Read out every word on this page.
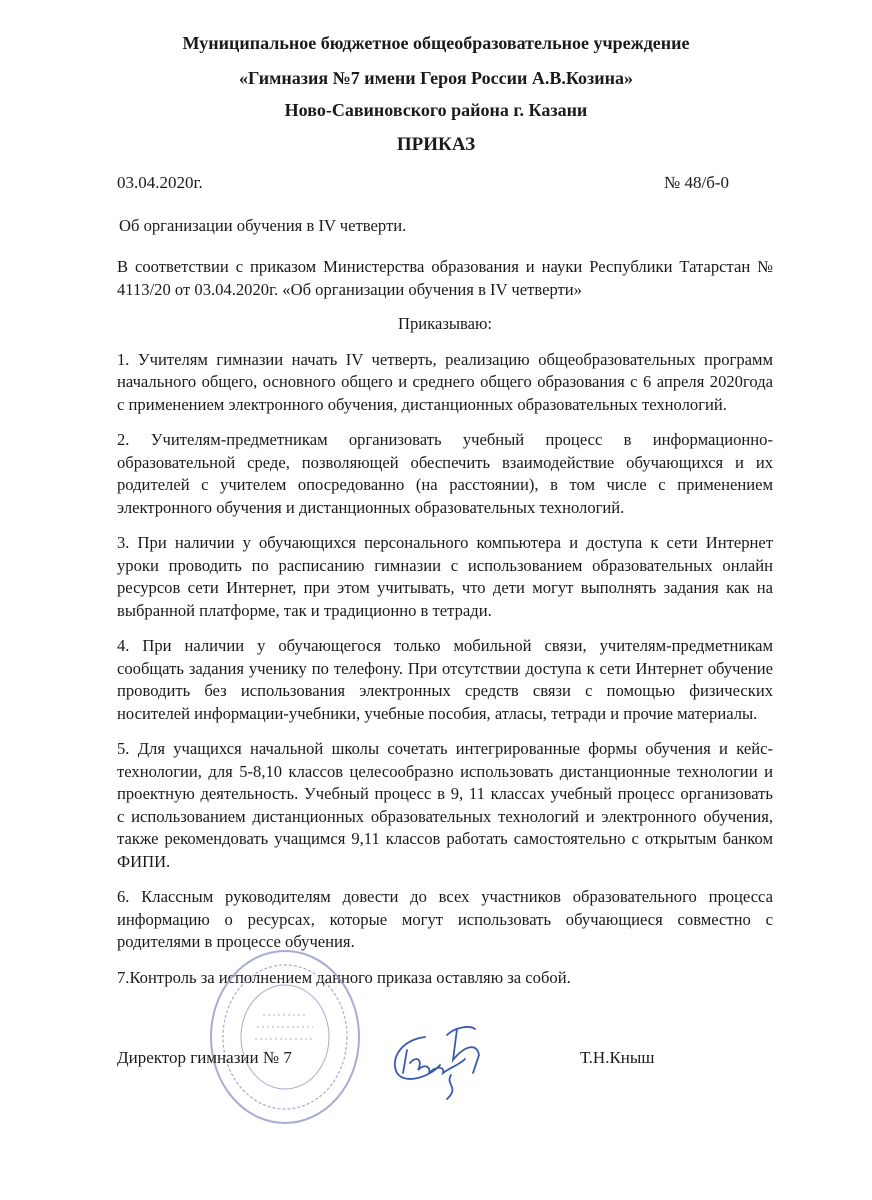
Муниципальное бюджетное общеобразовательное учреждение
«Гимназия №7 имени Героя России А.В.Козина»
Ново-Савиновского района г. Казани
ПРИКАЗ
03.04.2020г.	№ 48/б-0
Об организации обучения в IV четверти.
В соответствии с приказом Министерства образования и науки Республики Татарстан №
4113/20 от 03.04.2020г. «Об организации обучения в IV четверти»
Приказываю:
1. Учителям гимназии начать IV четверть, реализацию общеобразовательных программ
начального общего, основного общего и среднего общего образования с 6 апреля 2020года
с применением электронного обучения, дистанционных образовательных технологий.
2. Учителям-предметникам организовать учебный процесс в информационно-
образовательной среде, позволяющей обеспечить взаимодействие обучающихся и их
родителей с учителем опосредованно (на расстоянии), в том числе с применением
электронного обучения и дистанционных образовательных технологий.
3. При наличии у обучающихся персонального компьютера и доступа к сети Интернет
уроки проводить по расписанию гимназии с использованием образовательных онлайн
ресурсов сети Интернет, при этом учитывать, что дети могут выполнять задания как на
выбранной платформе, так и традиционно в тетради.
4. При наличии у обучающегося только мобильной связи, учителям-предметникам
сообщать задания ученику по телефону. При отсутствии доступа к сети Интернет обучение
проводить без использования электронных средств связи с помощью физических
носителей информации-учебники, учебные пособия, атласы, тетради и прочие материалы.
5. Для учащихся начальной школы сочетать интегрированные формы обучения и кейс-
технологии, для 5-8,10 классов целесообразно использовать дистанционные технологии и
проектную деятельность. Учебный процесс в 9, 11 классах учебный процесс организовать
с использованием дистанционных образовательных технологий и электронного обучения,
также рекомендовать учащимся 9,11 классов работать самостоятельно с открытым банком
ФИПИ.
6. Классным руководителям довести до всех участников образовательного процесса
информацию о ресурсах, которые могут использовать обучающиеся совместно с
родителями в процессе обучения.
7.Контроль за исполнением данного приказа оставляю за собой.
Директор гимназии № 7	Т.Н.Кныш
